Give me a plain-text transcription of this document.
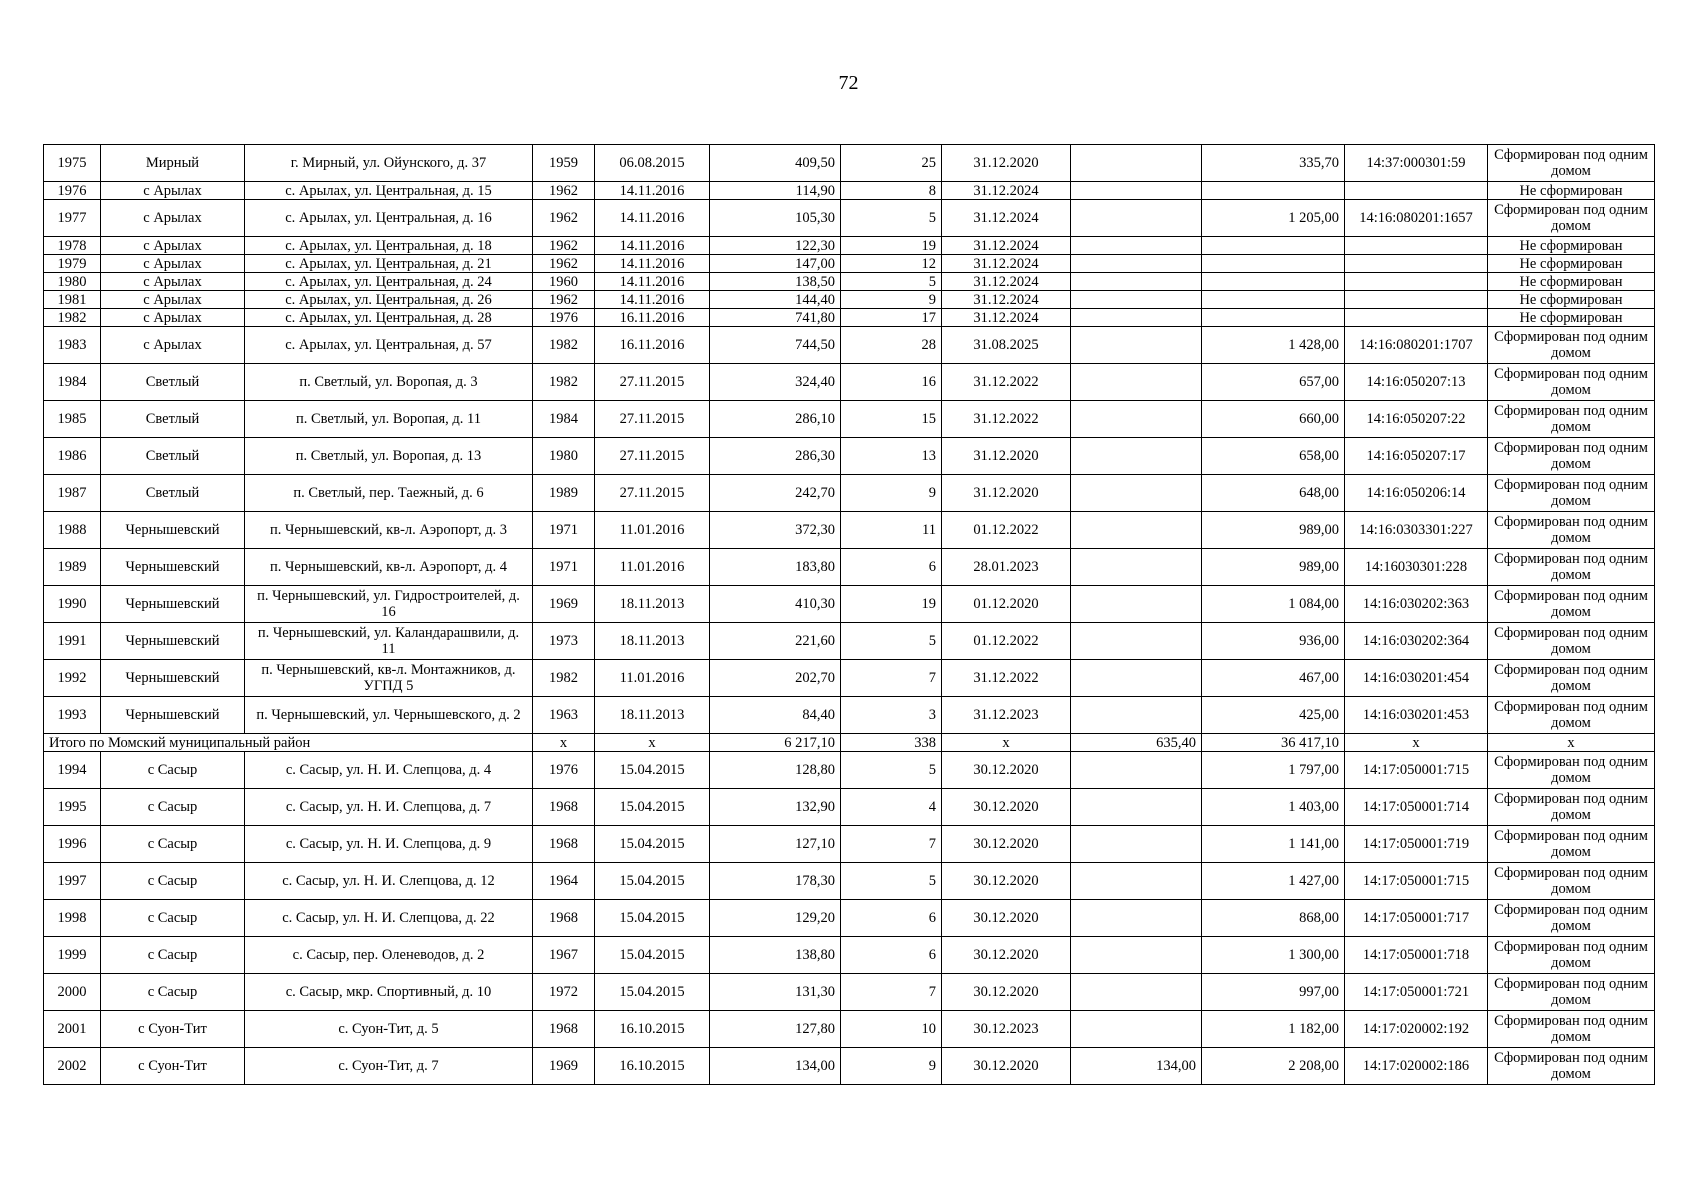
72
1975	Мирный	г. Мирный, ул. Ойунского, д. 37	1959	06.08.2015	409,50	25	31.12.2020		335,70	14:37:000301:59	Сформирован под одним домом
1976	с Арылах	с. Арылах, ул. Центральная, д. 15	1962	14.11.2016	114,90	8	31.12.2024				Не сформирован
1977	с Арылах	с. Арылах, ул. Центральная, д. 16	1962	14.11.2016	105,30	5	31.12.2024		1 205,00	14:16:080201:1657	Сформирован под одним домом
1978	с Арылах	с. Арылах, ул. Центральная, д. 18	1962	14.11.2016	122,30	19	31.12.2024				Не сформирован
1979	с Арылах	с. Арылах, ул. Центральная, д. 21	1962	14.11.2016	147,00	12	31.12.2024				Не сформирован
1980	с Арылах	с. Арылах, ул. Центральная, д. 24	1960	14.11.2016	138,50	5	31.12.2024				Не сформирован
1981	с Арылах	с. Арылах, ул. Центральная, д. 26	1962	14.11.2016	144,40	9	31.12.2024				Не сформирован
1982	с Арылах	с. Арылах, ул. Центральная, д. 28	1976	16.11.2016	741,80	17	31.12.2024				Не сформирован
1983	с Арылах	с. Арылах, ул. Центральная, д. 57	1982	16.11.2016	744,50	28	31.08.2025		1 428,00	14:16:080201:1707	Сформирован под одним домом
1984	Светлый	п. Светлый, ул. Воропая, д. 3	1982	27.11.2015	324,40	16	31.12.2022		657,00	14:16:050207:13	Сформирован под одним домом
1985	Светлый	п. Светлый, ул. Воропая, д. 11	1984	27.11.2015	286,10	15	31.12.2022		660,00	14:16:050207:22	Сформирован под одним домом
1986	Светлый	п. Светлый, ул. Воропая, д. 13	1980	27.11.2015	286,30	13	31.12.2020		658,00	14:16:050207:17	Сформирован под одним домом
1987	Светлый	п. Светлый, пер. Таежный, д. 6	1989	27.11.2015	242,70	9	31.12.2020		648,00	14:16:050206:14	Сформирован под одним домом
1988	Чернышевский	п. Чернышевский, кв-л. Аэропорт, д. 3	1971	11.01.2016	372,30	11	01.12.2022		989,00	14:16:0303301:227	Сформирован под одним домом
1989	Чернышевский	п. Чернышевский, кв-л. Аэропорт, д. 4	1971	11.01.2016	183,80	6	28.01.2023		989,00	14:16030301:228	Сформирован под одним домом
1990	Чернышевский	п. Чернышевский, ул. Гидростроителей, д. 16	1969	18.11.2013	410,30	19	01.12.2020		1 084,00	14:16:030202:363	Сформирован под одним домом
1991	Чернышевский	п. Чернышевский, ул. Каландарашвили, д. 11	1973	18.11.2013	221,60	5	01.12.2022		936,00	14:16:030202:364	Сформирован под одним домом
1992	Чернышевский	п. Чернышевский, кв-л. Монтажников, д. УГПД 5	1982	11.01.2016	202,70	7	31.12.2022		467,00	14:16:030201:454	Сформирован под одним домом
1993	Чернышевский	п. Чернышевский, ул. Чернышевского, д. 2	1963	18.11.2013	84,40	3	31.12.2023		425,00	14:16:030201:453	Сформирован под одним домом
Итого по Момский муниципальный район			x	x	6 217,10	338	x	635,40	36 417,10	x	x
1994	с Сасыр	с. Сасыр, ул. Н. И. Слепцова, д. 4	1976	15.04.2015	128,80	5	30.12.2020		1 797,00	14:17:050001:715	Сформирован под одним домом
1995	с Сасыр	с. Сасыр, ул. Н. И. Слепцова, д. 7	1968	15.04.2015	132,90	4	30.12.2020		1 403,00	14:17:050001:714	Сформирован под одним домом
1996	с Сасыр	с. Сасыр, ул. Н. И. Слепцова, д. 9	1968	15.04.2015	127,10	7	30.12.2020		1 141,00	14:17:050001:719	Сформирован под одним домом
1997	с Сасыр	с. Сасыр, ул. Н. И. Слепцова, д. 12	1964	15.04.2015	178,30	5	30.12.2020		1 427,00	14:17:050001:715	Сформирован под одним домом
1998	с Сасыр	с. Сасыр, ул. Н. И. Слепцова, д. 22	1968	15.04.2015	129,20	6	30.12.2020		868,00	14:17:050001:717	Сформирован под одним домом
1999	с Сасыр	с. Сасыр, пер. Оленеводов, д. 2	1967	15.04.2015	138,80	6	30.12.2020		1 300,00	14:17:050001:718	Сформирован под одним домом
2000	с Сасыр	с. Сасыр, мкр. Спортивный, д. 10	1972	15.04.2015	131,30	7	30.12.2020		997,00	14:17:050001:721	Сформирован под одним домом
2001	с Суон-Тит	с. Суон-Тит, д. 5	1968	16.10.2015	127,80	10	30.12.2023		1 182,00	14:17:020002:192	Сформирован под одним домом
2002	с Суон-Тит	с. Суон-Тит, д. 7	1969	16.10.2015	134,00	9	30.12.2020	134,00	2 208,00	14:17:020002:186	Сформирован под одним домом
